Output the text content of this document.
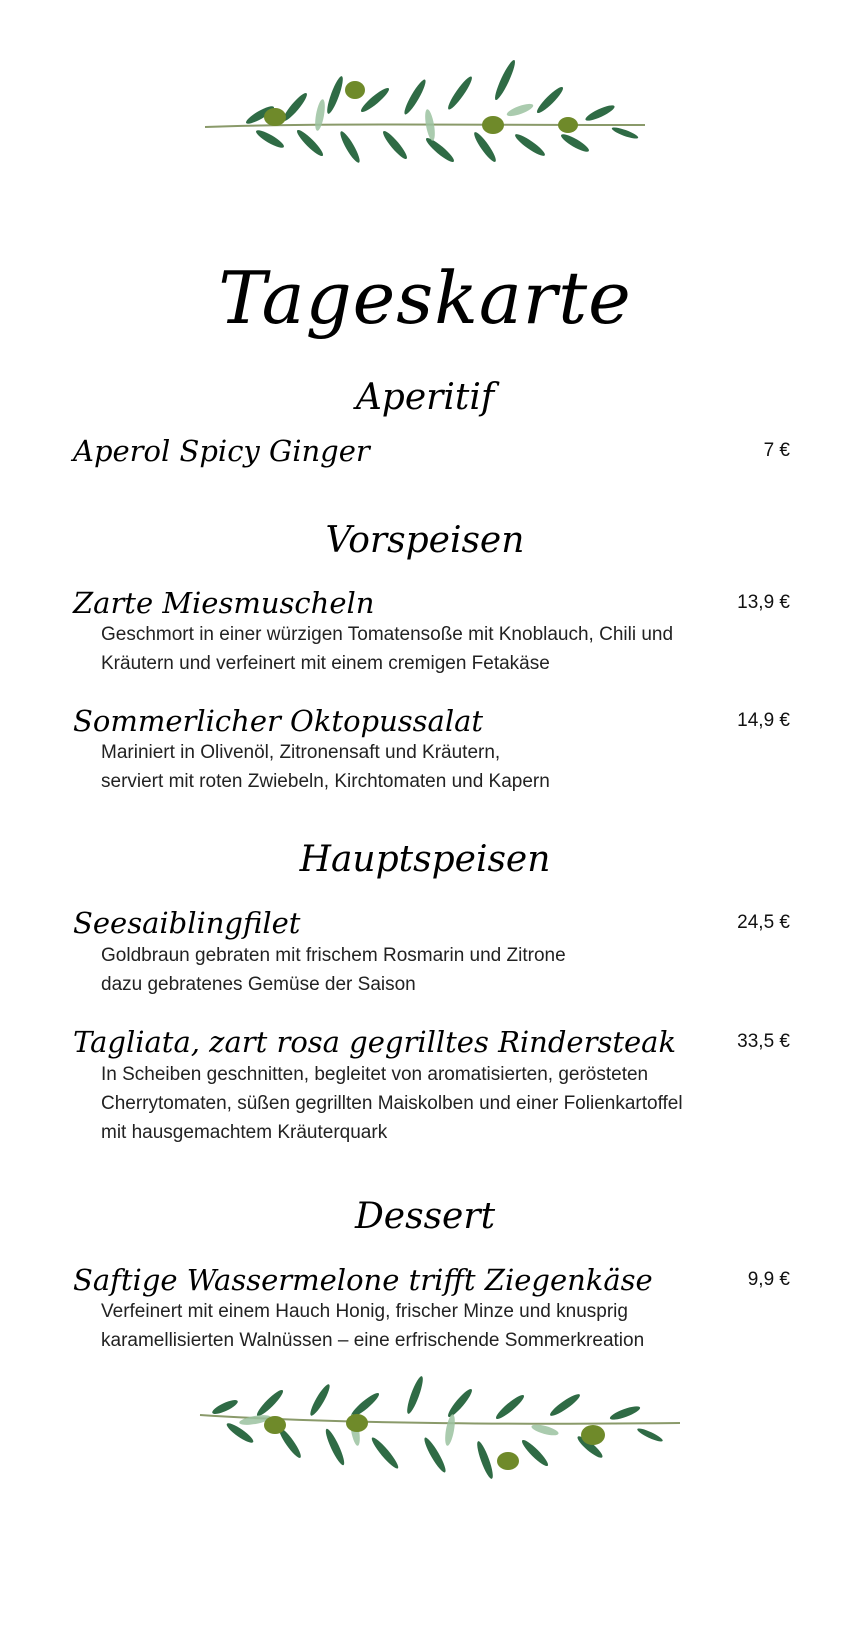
Tageskarte
Aperitif
Aperol Spicy Ginger	7 €
Vorspeisen
Zarte Miesmuscheln	13,9 €
Geschmort in einer würzigen Tomatensoße mit Knoblauch, Chili und
Kräutern und verfeinert mit einem cremigen Fetakäse
Sommerlicher Oktopussalat	14,9 €
Mariniert in Olivenöl, Zitronensaft und Kräutern,
serviert mit roten Zwiebeln, Kirchtomaten und Kapern
Hauptspeisen
Seesaiblingfilet	24,5 €
Goldbraun gebraten mit frischem Rosmarin und Zitrone
dazu gebratenes Gemüse der Saison
Tagliata, zart rosa gegrilltes Rindersteak	33,5 €
In Scheiben geschnitten, begleitet von aromatisierten, gerösteten
Cherrytomaten, süßen gegrillten Maiskolben und einer Folienkartoffel
mit hausgemachtem Kräuterquark
Dessert
Saftige Wassermelone trifft Ziegenkäse	9,9 €
Verfeinert mit einem Hauch Honig, frischer Minze und knusprig
karamellisierten Walnüssen – eine erfrischende Sommerkreation
